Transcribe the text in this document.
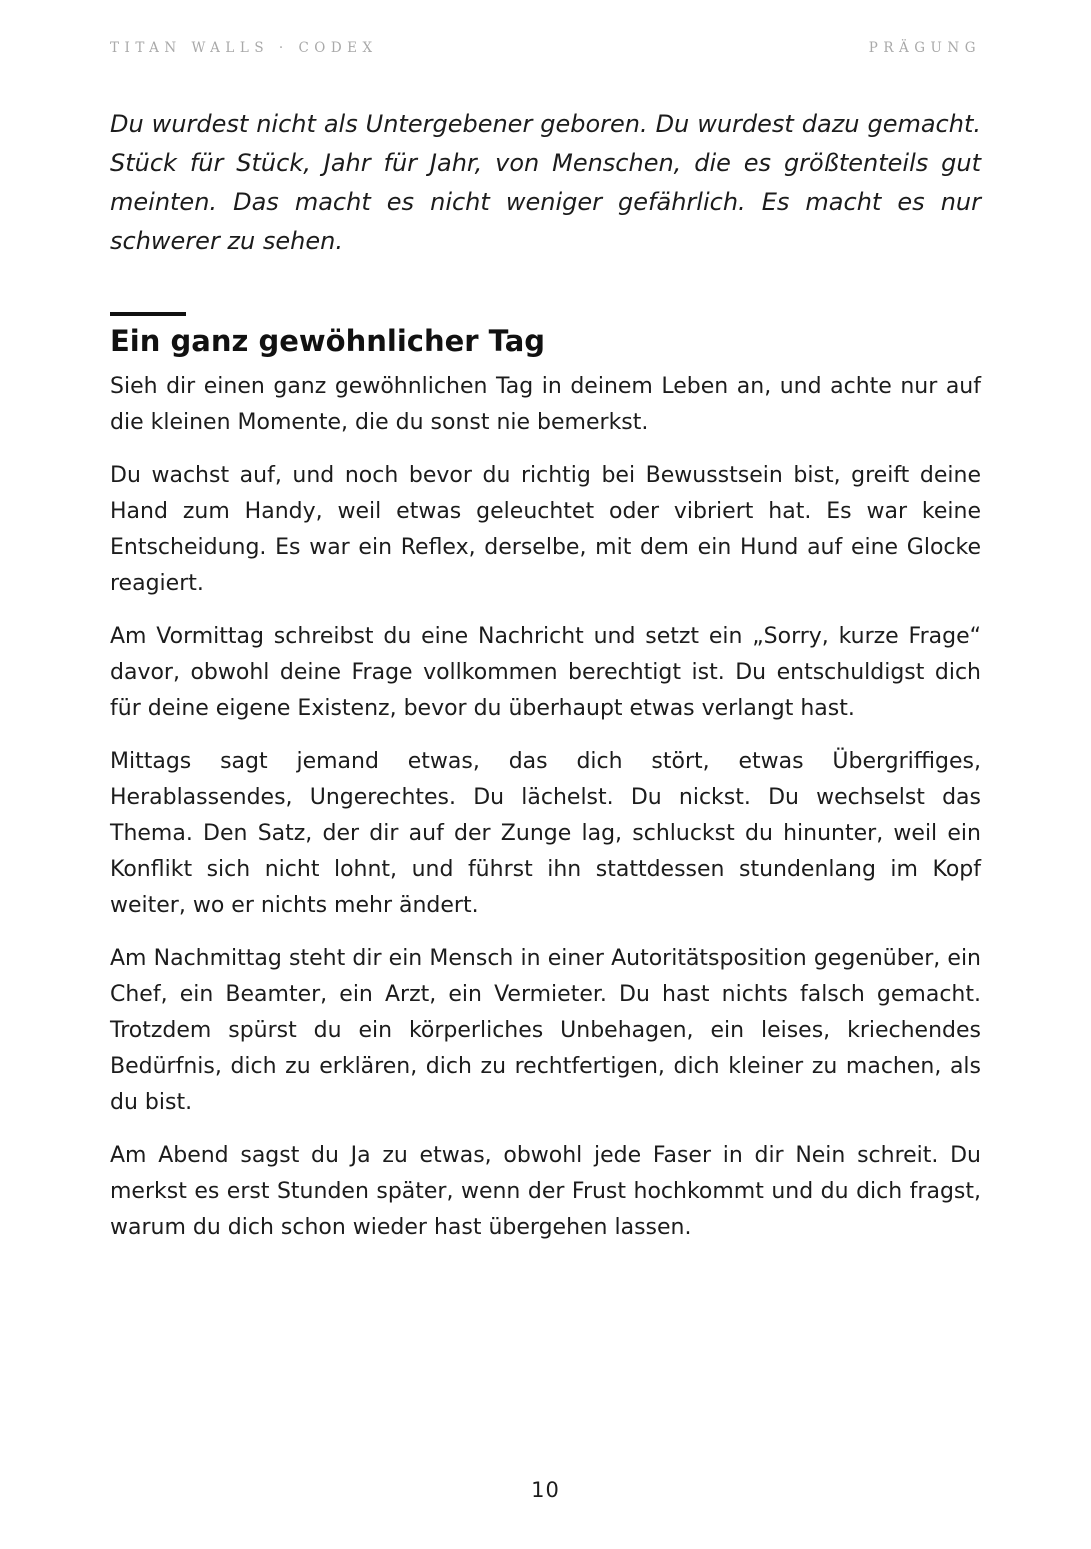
TITAN WALLS · CODEX	PRÄGUNG

Du wurdest nicht als Untergebener geboren. Du wurdest dazu gemacht. Stück für Stück, Jahr für Jahr, von Menschen, die es größtenteils gut meinten. Das macht es nicht weniger gefährlich. Es macht es nur schwerer zu sehen.

Ein ganz gewöhnlicher Tag

Sieh dir einen ganz gewöhnlichen Tag in deinem Leben an, und achte nur auf die kleinen Momente, die du sonst nie bemerkst.

Du wachst auf, und noch bevor du richtig bei Bewusstsein bist, greift deine Hand zum Handy, weil etwas geleuchtet oder vibriert hat. Es war keine Entscheidung. Es war ein Reflex, derselbe, mit dem ein Hund auf eine Glocke reagiert.

Am Vormittag schreibst du eine Nachricht und setzt ein „Sorry, kurze Frage“ davor, obwohl deine Frage vollkommen berechtigt ist. Du entschuldigst dich für deine eigene Existenz, bevor du überhaupt etwas verlangt hast.

Mittags sagt jemand etwas, das dich stört, etwas Übergriffiges, Herablassendes, Ungerechtes. Du lächelst. Du nickst. Du wechselst das Thema. Den Satz, der dir auf der Zunge lag, schluckst du hinunter, weil ein Konflikt sich nicht lohnt, und führst ihn stattdessen stundenlang im Kopf weiter, wo er nichts mehr ändert.

Am Nachmittag steht dir ein Mensch in einer Autoritätsposition gegenüber, ein Chef, ein Beamter, ein Arzt, ein Vermieter. Du hast nichts falsch gemacht. Trotzdem spürst du ein körperliches Unbehagen, ein leises, kriechendes Bedürfnis, dich zu erklären, dich zu rechtfertigen, dich kleiner zu machen, als du bist.

Am Abend sagst du Ja zu etwas, obwohl jede Faser in dir Nein schreit. Du merkst es erst Stunden später, wenn der Frust hochkommt und du dich fragst, warum du dich schon wieder hast übergehen lassen.

10
